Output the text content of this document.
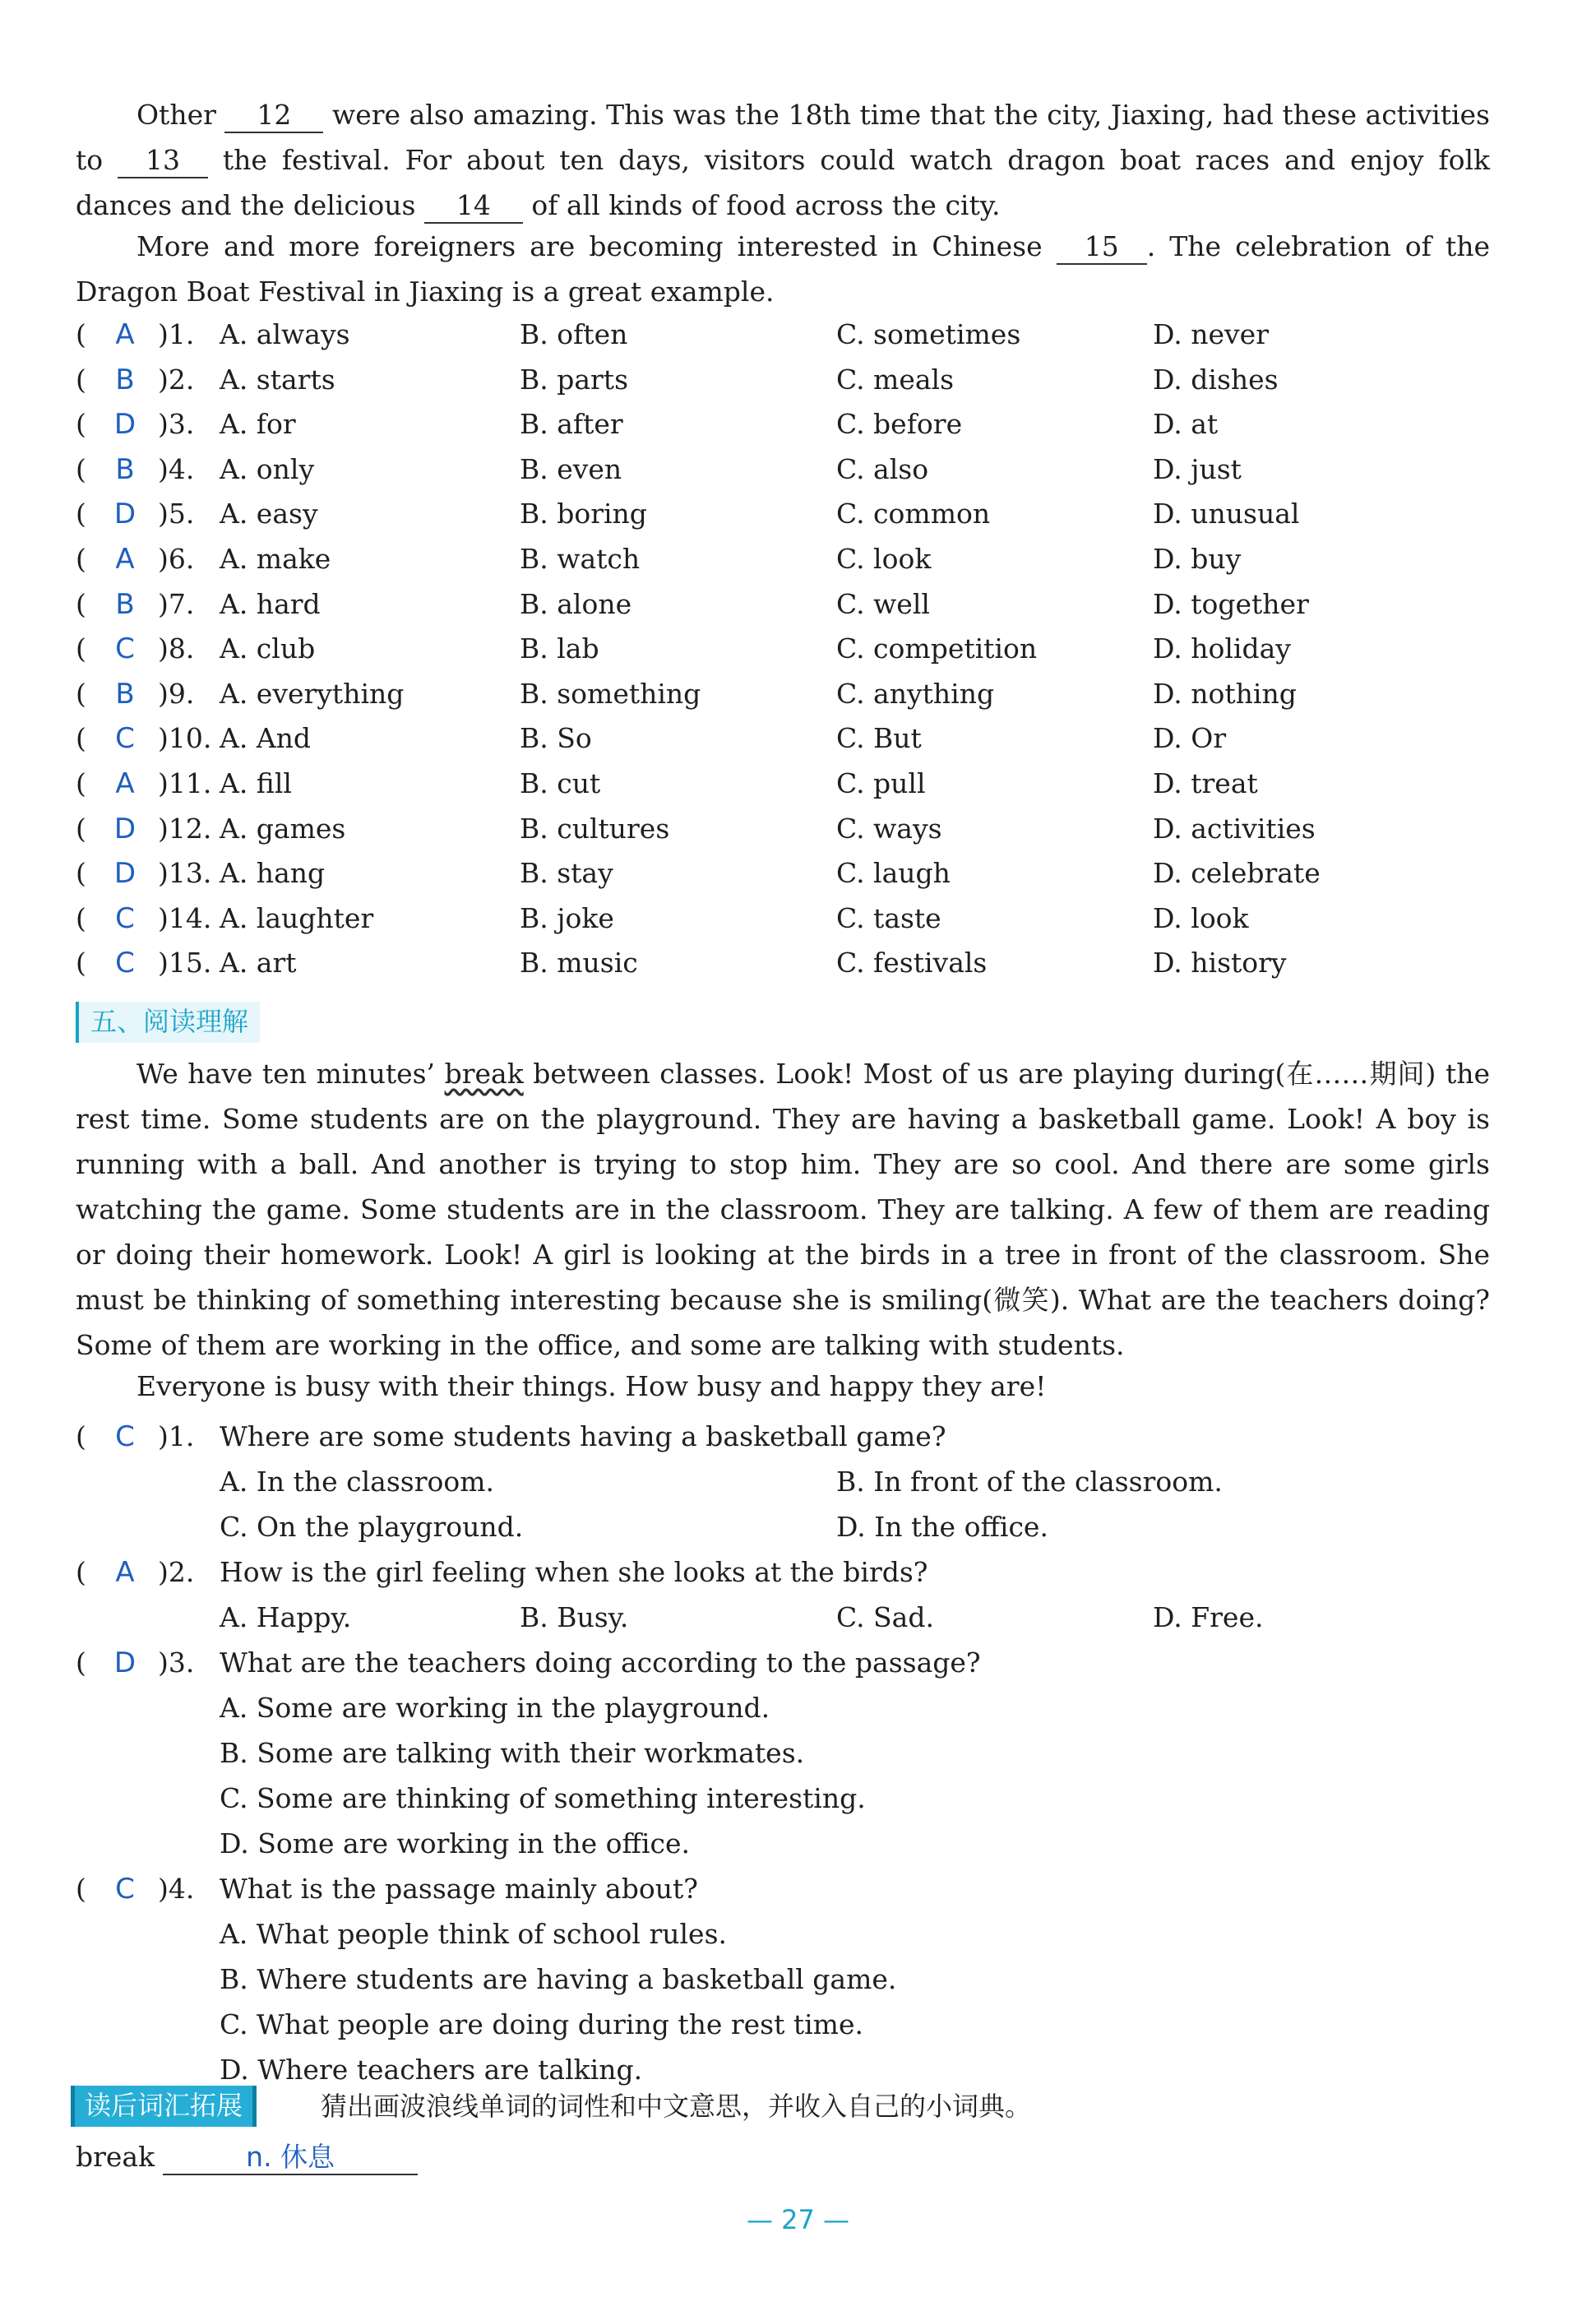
Other 12 were also amazing. This was the 18th time that the city, Jiaxing, had these activities to 13 the festival. For about ten days, visitors could watch dragon boat races and enjoy folk dances and the delicious 14 of all kinds of food across the city.
More and more foreigners are becoming interested in Chinese 15 . The celebration of the Dragon Boat Festival in Jiaxing is a great example.
( A )1. A. always	B. often	C. sometimes	D. never
( B )2. A. starts	B. parts	C. meals	D. dishes
( D )3. A. for	B. after	C. before	D. at
( B )4. A. only	B. even	C. also	D. just
( D )5. A. easy	B. boring	C. common	D. unusual
( A )6. A. make	B. watch	C. look	D. buy
( B )7. A. hard	B. alone	C. well	D. together
( C )8. A. club	B. lab	C. competition	D. holiday
( B )9. A. everything	B. something	C. anything	D. nothing
( C )10. A. And	B. So	C. But	D. Or
( A )11. A. fill	B. cut	C. pull	D. treat
( D )12. A. games	B. cultures	C. ways	D. activities
( D )13. A. hang	B. stay	C. laugh	D. celebrate
( C )14. A. laughter	B. joke	C. taste	D. look
( C )15. A. art	B. music	C. festivals	D. history
五、阅读理解
We have ten minutes’ break between classes. Look! Most of us are playing during(在……期间) the rest time. Some students are on the playground. They are having a basketball game. Look! A boy is running with a ball. And another is trying to stop him. They are so cool. And there are some girls watching the game. Some students are in the classroom. They are talking. A few of them are reading or doing their homework. Look! A girl is looking at the birds in a tree in front of the classroom. She must be thinking of something interesting because she is smiling(微笑). What are the teachers doing? Some of them are working in the office, and some are talking with students.
Everyone is busy with their things. How busy and happy they are!
( C )1. Where are some students having a basketball game?
A. In the classroom.	B. In front of the classroom.
C. On the playground.	D. In the office.
( A )2. How is the girl feeling when she looks at the birds?
A. Happy.	B. Busy.	C. Sad.	D. Free.
( D )3. What are the teachers doing according to the passage?
A. Some are working in the playground.
B. Some are talking with their workmates.
C. Some are thinking of something interesting.
D. Some are working in the office.
( C )4. What is the passage mainly about?
A. What people think of school rules.
B. Where students are having a basketball game.
C. What people are doing during the rest time.
D. Where teachers are talking.
读后词汇拓展	猜出画波浪线单词的词性和中文意思，并收入自己的小词典。
break	n. 休息
— 27 —
